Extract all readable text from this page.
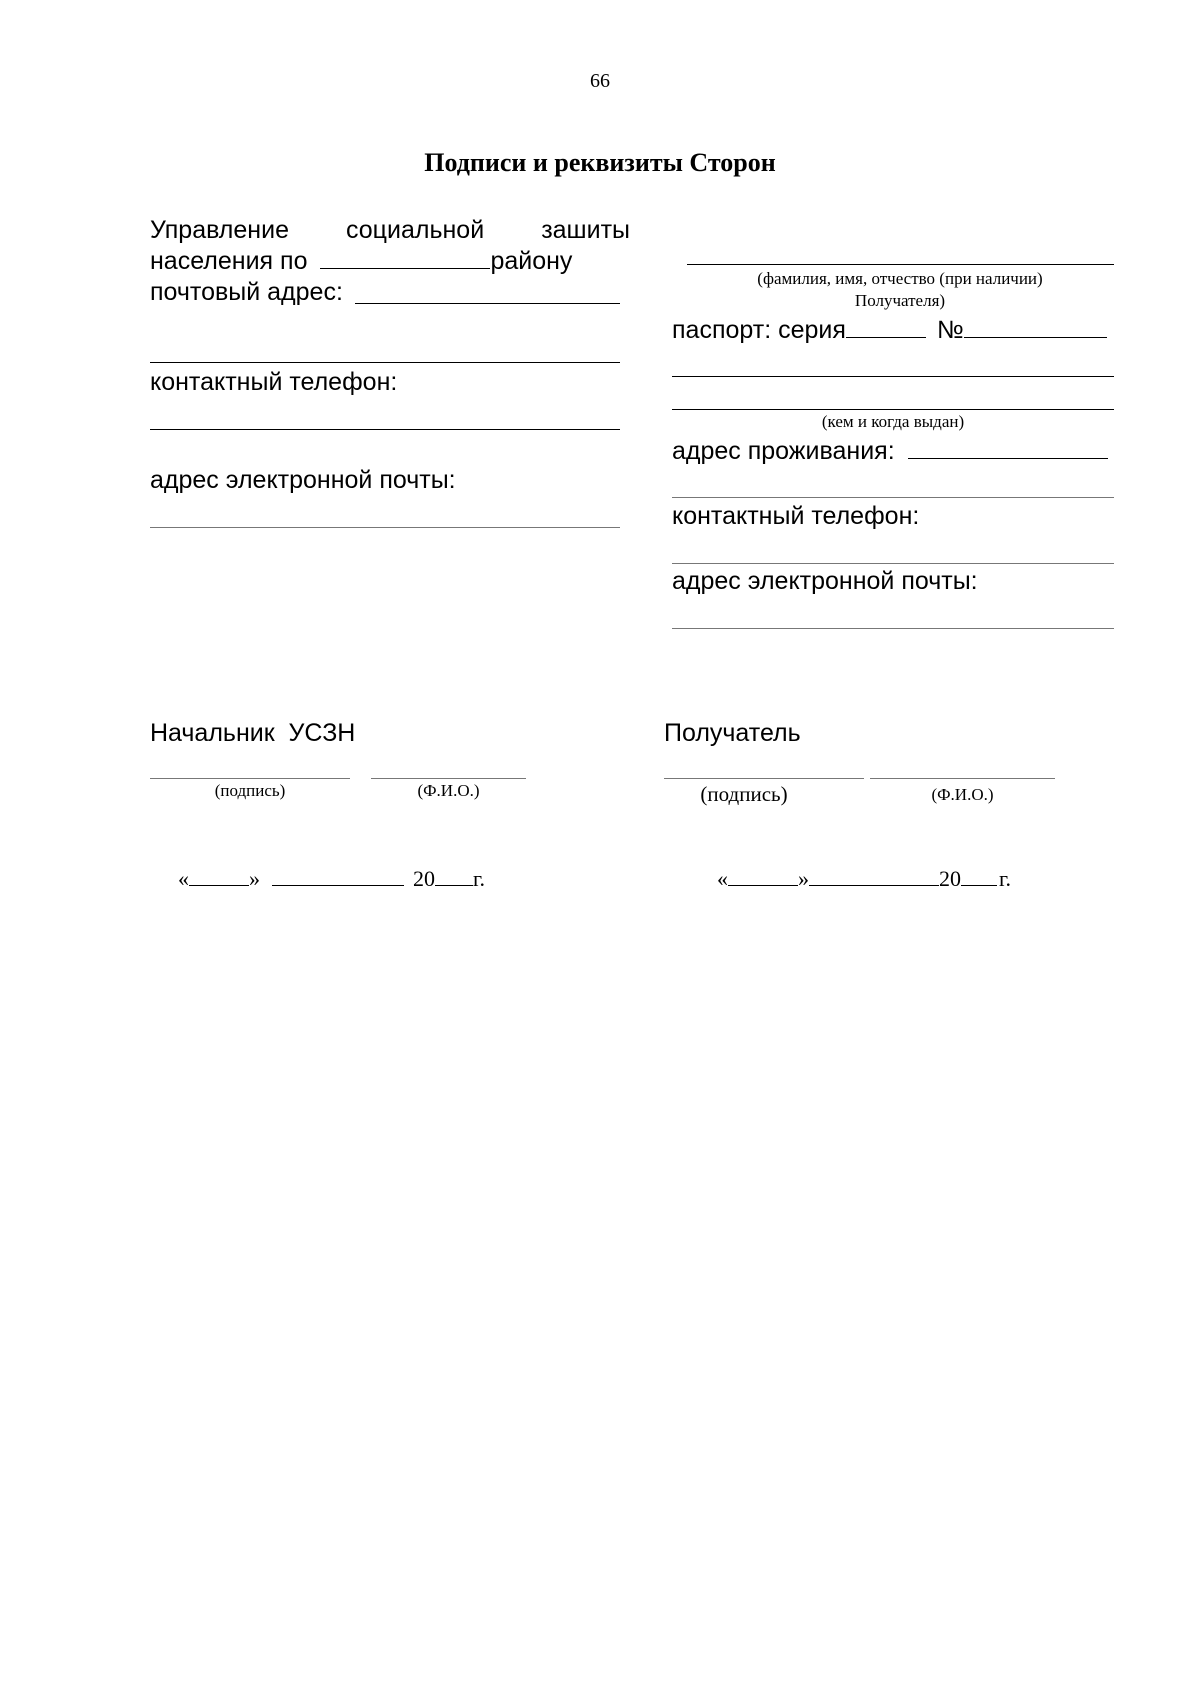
66
Подписи и реквизиты Сторон
Управление социальной зашиты
населения по	району
почтовый адрес:
контактный телефон:
адрес электронной почты:
(фамилия, имя, отчество (при наличии)
Получателя)
паспорт: серия	№
(кем и когда выдан)
адрес проживания:
контактный телефон:
адрес электронной почты:
Начальник  УСЗН	Получатель
(подпись)	(Ф.И.О.)	(подпись)	(Ф.И.О.)
«	»	20 г.	«	»	20 г.
